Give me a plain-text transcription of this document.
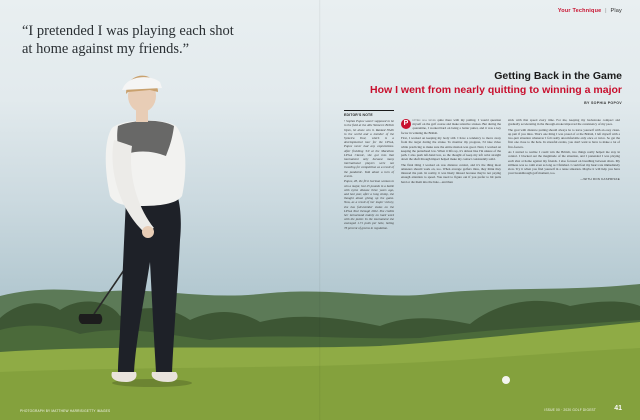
“I pretended I was playing each shot at home against my friends.”
Your Technique | Play
Getting Back in the Game
How I went from nearly quitting to winning a major
BY SOPHIA POPOV
EDITOR'S NOTE

• Sophia Popov wasn't supposed to be in the field at the AIG Women's British Open, let alone win it. Ranked 304th in the world and a member of the Symetra Tour, which is a developmental tour for the LPGA, Popov never had any expectations. After finishing T-9 at the Marathon LPGA Classic, she got into that tournament only because many international players were not traveling for competition as a result of the pandemic. Talk about a turn of events.

Popov, 28, the first German woman to win a major, lost 25 pounds in a battle with Lyme disease three years ago, and last year, after a long slump, she thought about giving up the game. Now, as a result of her major victory, she has full-member status on the LPGA Tour through 2022. She credits her turnaround mainly on hard work with the putter. In the tournament she averaged 1.71 putts per hole, holing 76 percent of greens in regulation.

P	utting was never quite there with my putting. I would question myself on the golf course and make tentative strokes. But during the quarantine, I worked hard on being a better putter, and it was a key factor in winning the British.

First, I worked on keeping my body still. I have a tendency to move away from the target during the stroke. To monitor my progress, I'd take video while practicing to make sure the entire motion was good. Next, I worked on keeping the putterhead low. When it lifts up, it's almost like I'm unsure of the path. I also push left-hand low, so the thought of keep my left wrist straight down the shaft through impact helped make my contact consistently solid.

The final thing I worked on was distance control, and it's the thing most amateurs should work on, too. When average golfers miss, they think they misread the putt. In reality, it was likely missed because they're not paying enough attention to speed. You need to figure out if you prefer to hit putts hard or die them into the hole—and then

stick with that speed every time. For me, keeping my backstroke compact and gradually accelerating in the through-stroke improved the consistency of my pace.

The goal with distance putting should always be to leave yourself with an easy clean-up putt if you miss. That's one thing I was proud of at the British, I left myself with a two-putt situation whenever I felt really uncomfortable only once or twice. So get the first one close to the hole. In stressful events, you don't want to have to make a lot of five-footers.

As I started to realize I could win the British, two things really helped me stay in control. I blocked out the magnitude of the situation, and I pretended I was playing each shot at home against my friends. I also focused on breathing between shots. My stillness was so calm even as long as I finished. I could feel my heart rate immediately slow. Try it when you find yourself in a tense situation. Maybe it will help you have your breakthrough golf moment, too.

—WITH RON KASPRISKE
PHOTOGRAPH BY MATTHEW HARRIS/GETTY IMAGES	ISSUE 00 · 2020 GOLF DIGEST	41
